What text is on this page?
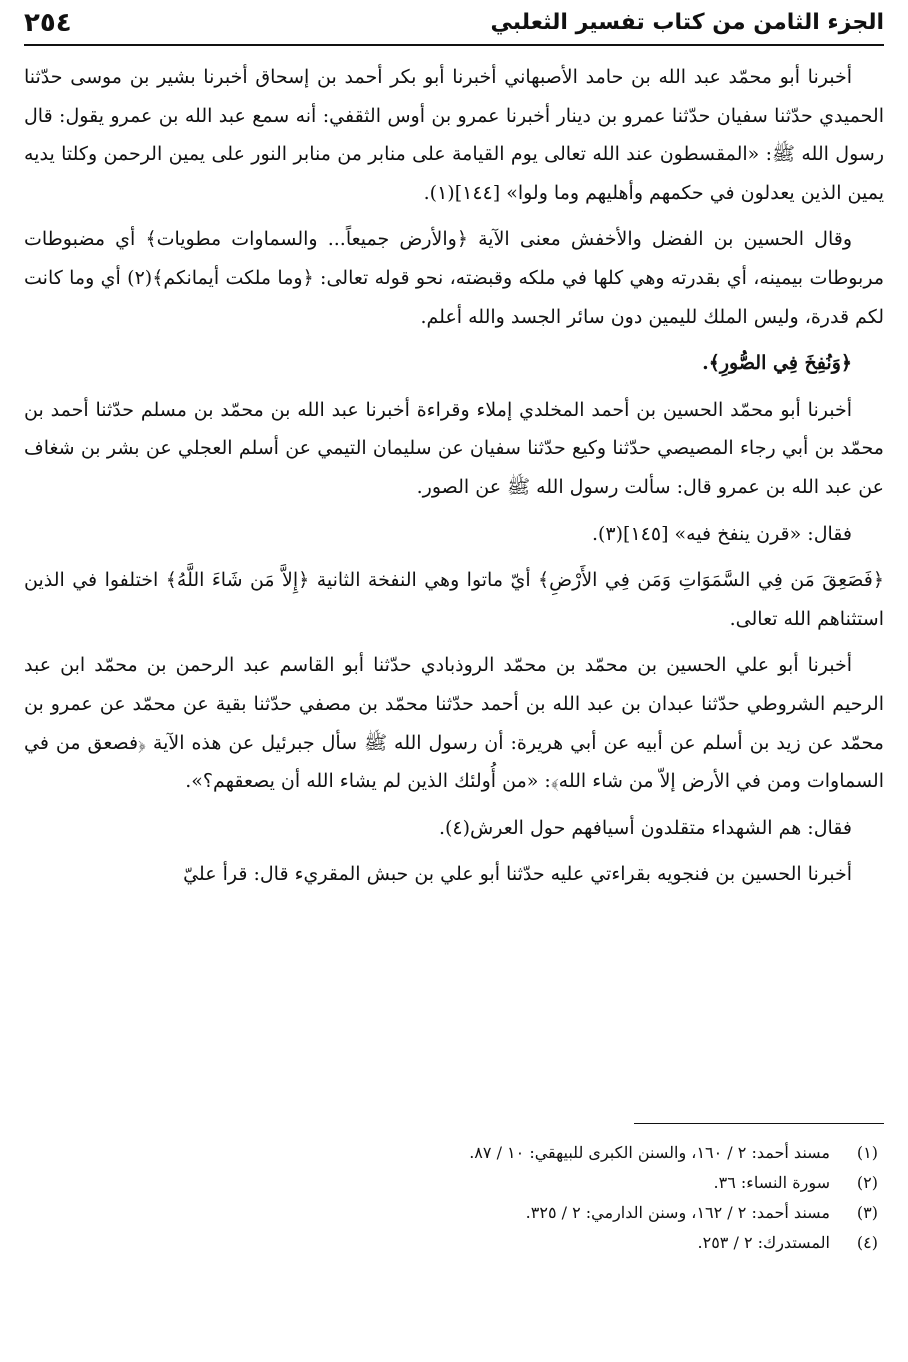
٢٥٤	الجزء الثامن من كتاب تفسير الثعلبي

أخبرنا أبو محمّد عبد الله بن حامد الأصبهاني أخبرنا أبو بكر أحمد بن إسحاق أخبرنا بشير بن موسى حدّثنا الحميدي حدّثنا سفيان حدّثنا عمرو بن دينار أخبرنا عمرو بن أوس الثقفي: أنه سمع عبد الله بن عمرو يقول: قال رسول الله ﷺ: «المقسطون عند الله تعالى يوم القيامة على منابر من منابر النور على يمين الرحمن وكلتا يديه يمين الذين يعدلون في حكمهم وأهليهم وما ولوا» [١٤٤](١).

وقال الحسين بن الفضل والأخفش معنى الآية ﴿والأرض جميعاً... والسماوات مطويات﴾ أي مضبوطات مربوطات بيمينه، أي بقدرته وهي كلها في ملكه وقبضته، نحو قوله تعالى: ﴿وما ملكت أيمانكم﴾(٢) أي وما كانت لكم قدرة، وليس الملك لليمين دون سائر الجسد والله أعلم.

﴿وَنُفِخَ فِي الصُّورِ﴾.

أخبرنا أبو محمّد الحسين بن أحمد المخلدي إملاء وقراءة أخبرنا عبد الله بن محمّد بن مسلم حدّثنا أحمد بن محمّد بن أبي رجاء المصيصي حدّثنا وكيع حدّثنا سفيان عن سليمان التيمي عن أسلم العجلي عن بشر بن شغاف عن عبد الله بن عمرو قال: سألت رسول الله ﷺ عن الصور.

فقال: «قرن ينفخ فيه» [١٤٥](٣).

﴿فَصَعِقَ مَن فِي السَّمَوَاتِ وَمَن فِي الأَرْضِ﴾ أيّ ماتوا وهي النفخة الثانية ﴿إِلاَّ مَن شَاءَ اللَّهُ﴾ اختلفوا في الذين استثناهم الله تعالى.

أخبرنا أبو علي الحسين بن محمّد بن محمّد الروذبادي حدّثنا أبو القاسم عبد الرحمن بن محمّد ابن عبد الرحيم الشروطي حدّثنا عبدان بن عبد الله بن أحمد حدّثنا محمّد بن مصفي حدّثنا بقية عن محمّد عن عمرو بن محمّد عن زيد بن أسلم عن أبيه عن أبي هريرة: أن رسول الله ﷺ سأل جبرئيل عن هذه الآية ﴿فصعق من في السماوات ومن في الأرض إلاّ من شاء الله﴾: «من أُولئك الذين لم يشاء الله أن يصعقهم؟».

فقال: هم الشهداء متقلدون أسيافهم حول العرش(٤).

أخبرنا الحسين بن فنجويه بقراءتي عليه حدّثنا أبو علي بن حبش المقريء قال: قرأ عليّ

(١)
مسند أحمد: ٢ / ١٦٠، والسنن الكبرى للبيهقي: ١٠ / ٨٧.
(٢)
سورة النساء: ٣٦.
(٣)
مسند أحمد: ٢ / ١٦٢، وسنن الدارمي: ٢ / ٣٢٥.
(٤)
المستدرك: ٢ / ٢٥٣.
